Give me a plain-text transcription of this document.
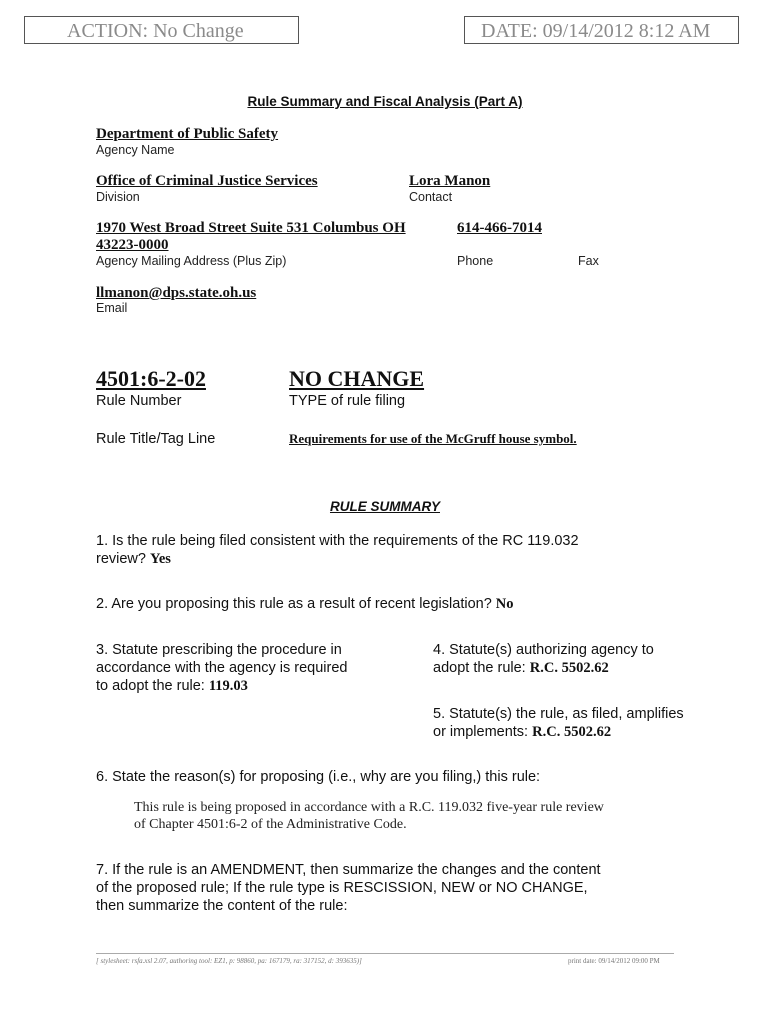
ACTION: No Change	DATE: 09/14/2012 8:12 AM
Rule Summary and Fiscal Analysis (Part A)
Department of Public Safety
Agency Name
Office of Criminal Justice Services
Division
Lora Manon
Contact
1970 West Broad Street Suite 531 Columbus OH
43223-0000
Agency Mailing Address (Plus Zip)
614-466-7014
Phone	Fax
llmanon@dps.state.oh.us
Email
4501:6-2-02
Rule Number
NO CHANGE
TYPE of rule filing
Rule Title/Tag Line	Requirements for use of the McGruff house symbol.
RULE SUMMARY
1. Is the rule being filed consistent with the requirements of the RC 119.032
review? Yes
2. Are you proposing this rule as a result of recent legislation? No
3. Statute prescribing the procedure in
accordance with the agency is required
to adopt the rule: 119.03
4. Statute(s) authorizing agency to
adopt the rule: R.C. 5502.62
5. Statute(s) the rule, as filed, amplifies
or implements: R.C. 5502.62
6. State the reason(s) for proposing (i.e., why are you filing,) this rule:
This rule is being proposed in accordance with a R.C. 119.032 five-year rule review
of Chapter 4501:6-2 of the Administrative Code.
7. If the rule is an AMENDMENT, then summarize the changes and the content
of the proposed rule; If the rule type is RESCISSION, NEW or NO CHANGE,
then summarize the content of the rule:
[ stylesheet: rsfa.xsl 2.07, authoring tool: EZ1, p: 98860, pa: 167179, ra: 317152, d: 393635)]	print date: 09/14/2012 09:00 PM
